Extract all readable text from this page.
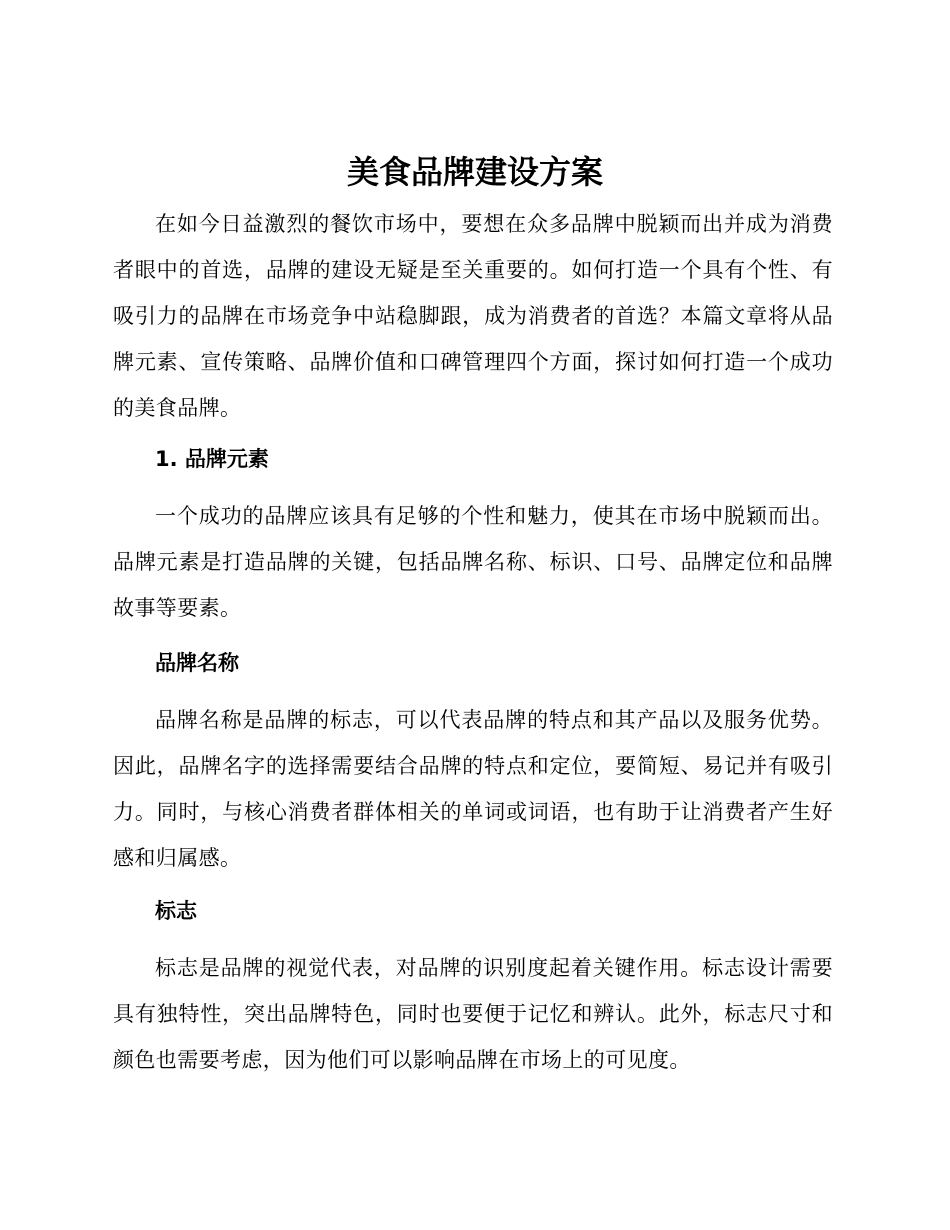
美食品牌建设方案

在如今日益激烈的餐饮市场中，要想在众多品牌中脱颖而出并成为消费者眼中的首选，品牌的建设无疑是至关重要的。如何打造一个具有个性、有吸引力的品牌在市场竞争中站稳脚跟，成为消费者的首选？本篇文章将从品牌元素、宣传策略、品牌价值和口碑管理四个方面，探讨如何打造一个成功的美食品牌。

1. 品牌元素

一个成功的品牌应该具有足够的个性和魅力，使其在市场中脱颖而出。品牌元素是打造品牌的关键，包括品牌名称、标识、口号、品牌定位和品牌故事等要素。

品牌名称

品牌名称是品牌的标志，可以代表品牌的特点和其产品以及服务优势。因此，品牌名字的选择需要结合品牌的特点和定位，要简短、易记并有吸引力。同时，与核心消费者群体相关的单词或词语，也有助于让消费者产生好感和归属感。

标志

标志是品牌的视觉代表，对品牌的识别度起着关键作用。标志设计需要具有独特性，突出品牌特色，同时也要便于记忆和辨认。此外，标志尺寸和颜色也需要考虑，因为他们可以影响品牌在市场上的可见度。
